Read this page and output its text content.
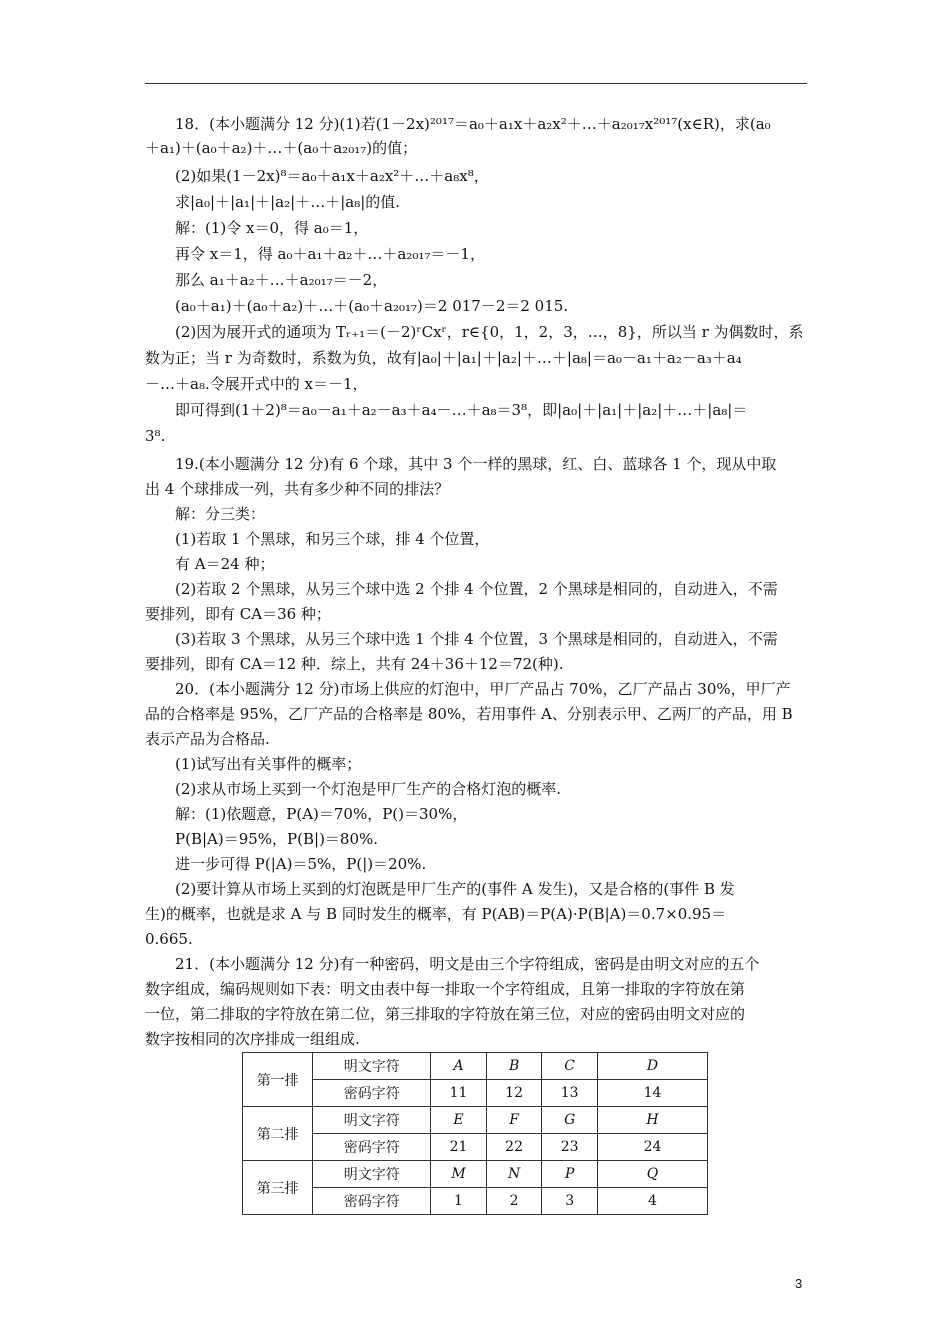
18．(本小题满分 12 分)(1)若(1－2x)²⁰¹⁷＝a₀＋a₁x＋a₂x²＋…＋a₂₀₁₇x²⁰¹⁷(x∈R)，求(a₀
＋a₁)＋(a₀＋a₂)＋…＋(a₀＋a₂₀₁₇)的值；
(2)如果(1－2x)⁸＝a₀＋a₁x＋a₂x²＋…＋a₈x⁸，
求|a₀|＋|a₁|＋|a₂|＋…＋|a₈|的值.
解：(1)令 x＝0，得 a₀＝1，
再令 x＝1，得 a₀＋a₁＋a₂＋…＋a₂₀₁₇＝－1，
那么 a₁＋a₂＋…＋a₂₀₁₇＝－2，
(a₀＋a₁)＋(a₀＋a₂)＋…＋(a₀＋a₂₀₁₇)＝2 017－2＝2 015.
(2)因为展开式的通项为 Tᵣ₊₁＝(－2)ʳCxʳ，r∈{0，1，2，3，…，8}，所以当 r 为偶数时，系
数为正；当 r 为奇数时，系数为负，故有|a₀|＋|a₁|＋|a₂|＋…＋|a₈|＝a₀－a₁＋a₂－a₃＋a₄
－…＋a₈.令展开式中的 x＝－1，
即可得到(1＋2)⁸＝a₀－a₁＋a₂－a₃＋a₄－…＋a₈＝3⁸，即|a₀|＋|a₁|＋|a₂|＋…＋|a₈|＝
3⁸.
19.(本小题满分 12 分)有 6 个球，其中 3 个一样的黑球，红、白、蓝球各 1 个，现从中取
出 4 个球排成一列，共有多少种不同的排法？
解：分三类：
(1)若取 1 个黑球，和另三个球，排 4 个位置，
有 A＝24 种；
(2)若取 2 个黑球，从另三个球中选 2 个排 4 个位置，2 个黑球是相同的，自动进入，不需
要排列，即有 CA＝36 种；
(3)若取 3 个黑球，从另三个球中选 1 个排 4 个位置，3 个黑球是相同的，自动进入，不需
要排列，即有 CA＝12 种．综上，共有 24＋36＋12＝72(种).
20．(本小题满分 12 分)市场上供应的灯泡中，甲厂产品占 70%，乙厂产品占 30%，甲厂产
品的合格率是 95%，乙厂产品的合格率是 80%，若用事件 A、分别表示甲、乙两厂的产品，用 B
表示产品为合格品.
(1)试写出有关事件的概率；
(2)求从市场上买到一个灯泡是甲厂生产的合格灯泡的概率.
解：(1)依题意，P(A)＝70%，P()＝30%，
P(B|A)＝95%，P(B|)＝80%.
进一步可得 P(|A)＝5%，P(|)＝20%.
(2)要计算从市场上买到的灯泡既是甲厂生产的(事件 A 发生)，又是合格的(事件 B 发
生)的概率，也就是求 A 与 B 同时发生的概率，有 P(AB)＝P(A)·P(B|A)＝0.7×0.95＝
0.665.
21．(本小题满分 12 分)有一种密码，明文是由三个字符组成，密码是由明文对应的五个
数字组成，编码规则如下表：明文由表中每一排取一个字符组成，且第一排取的字符放在第
一位，第二排取的字符放在第二位，第三排取的字符放在第三位，对应的密码由明文对应的
数字按相同的次序排成一组组成.
第一排	明文字符	A	B	C	D
	密码字符	11	12	13	14
第二排	明文字符	E	F	G	H
	密码字符	21	22	23	24
第三排	明文字符	M	N	P	Q
	密码字符	1	2	3	4
3
